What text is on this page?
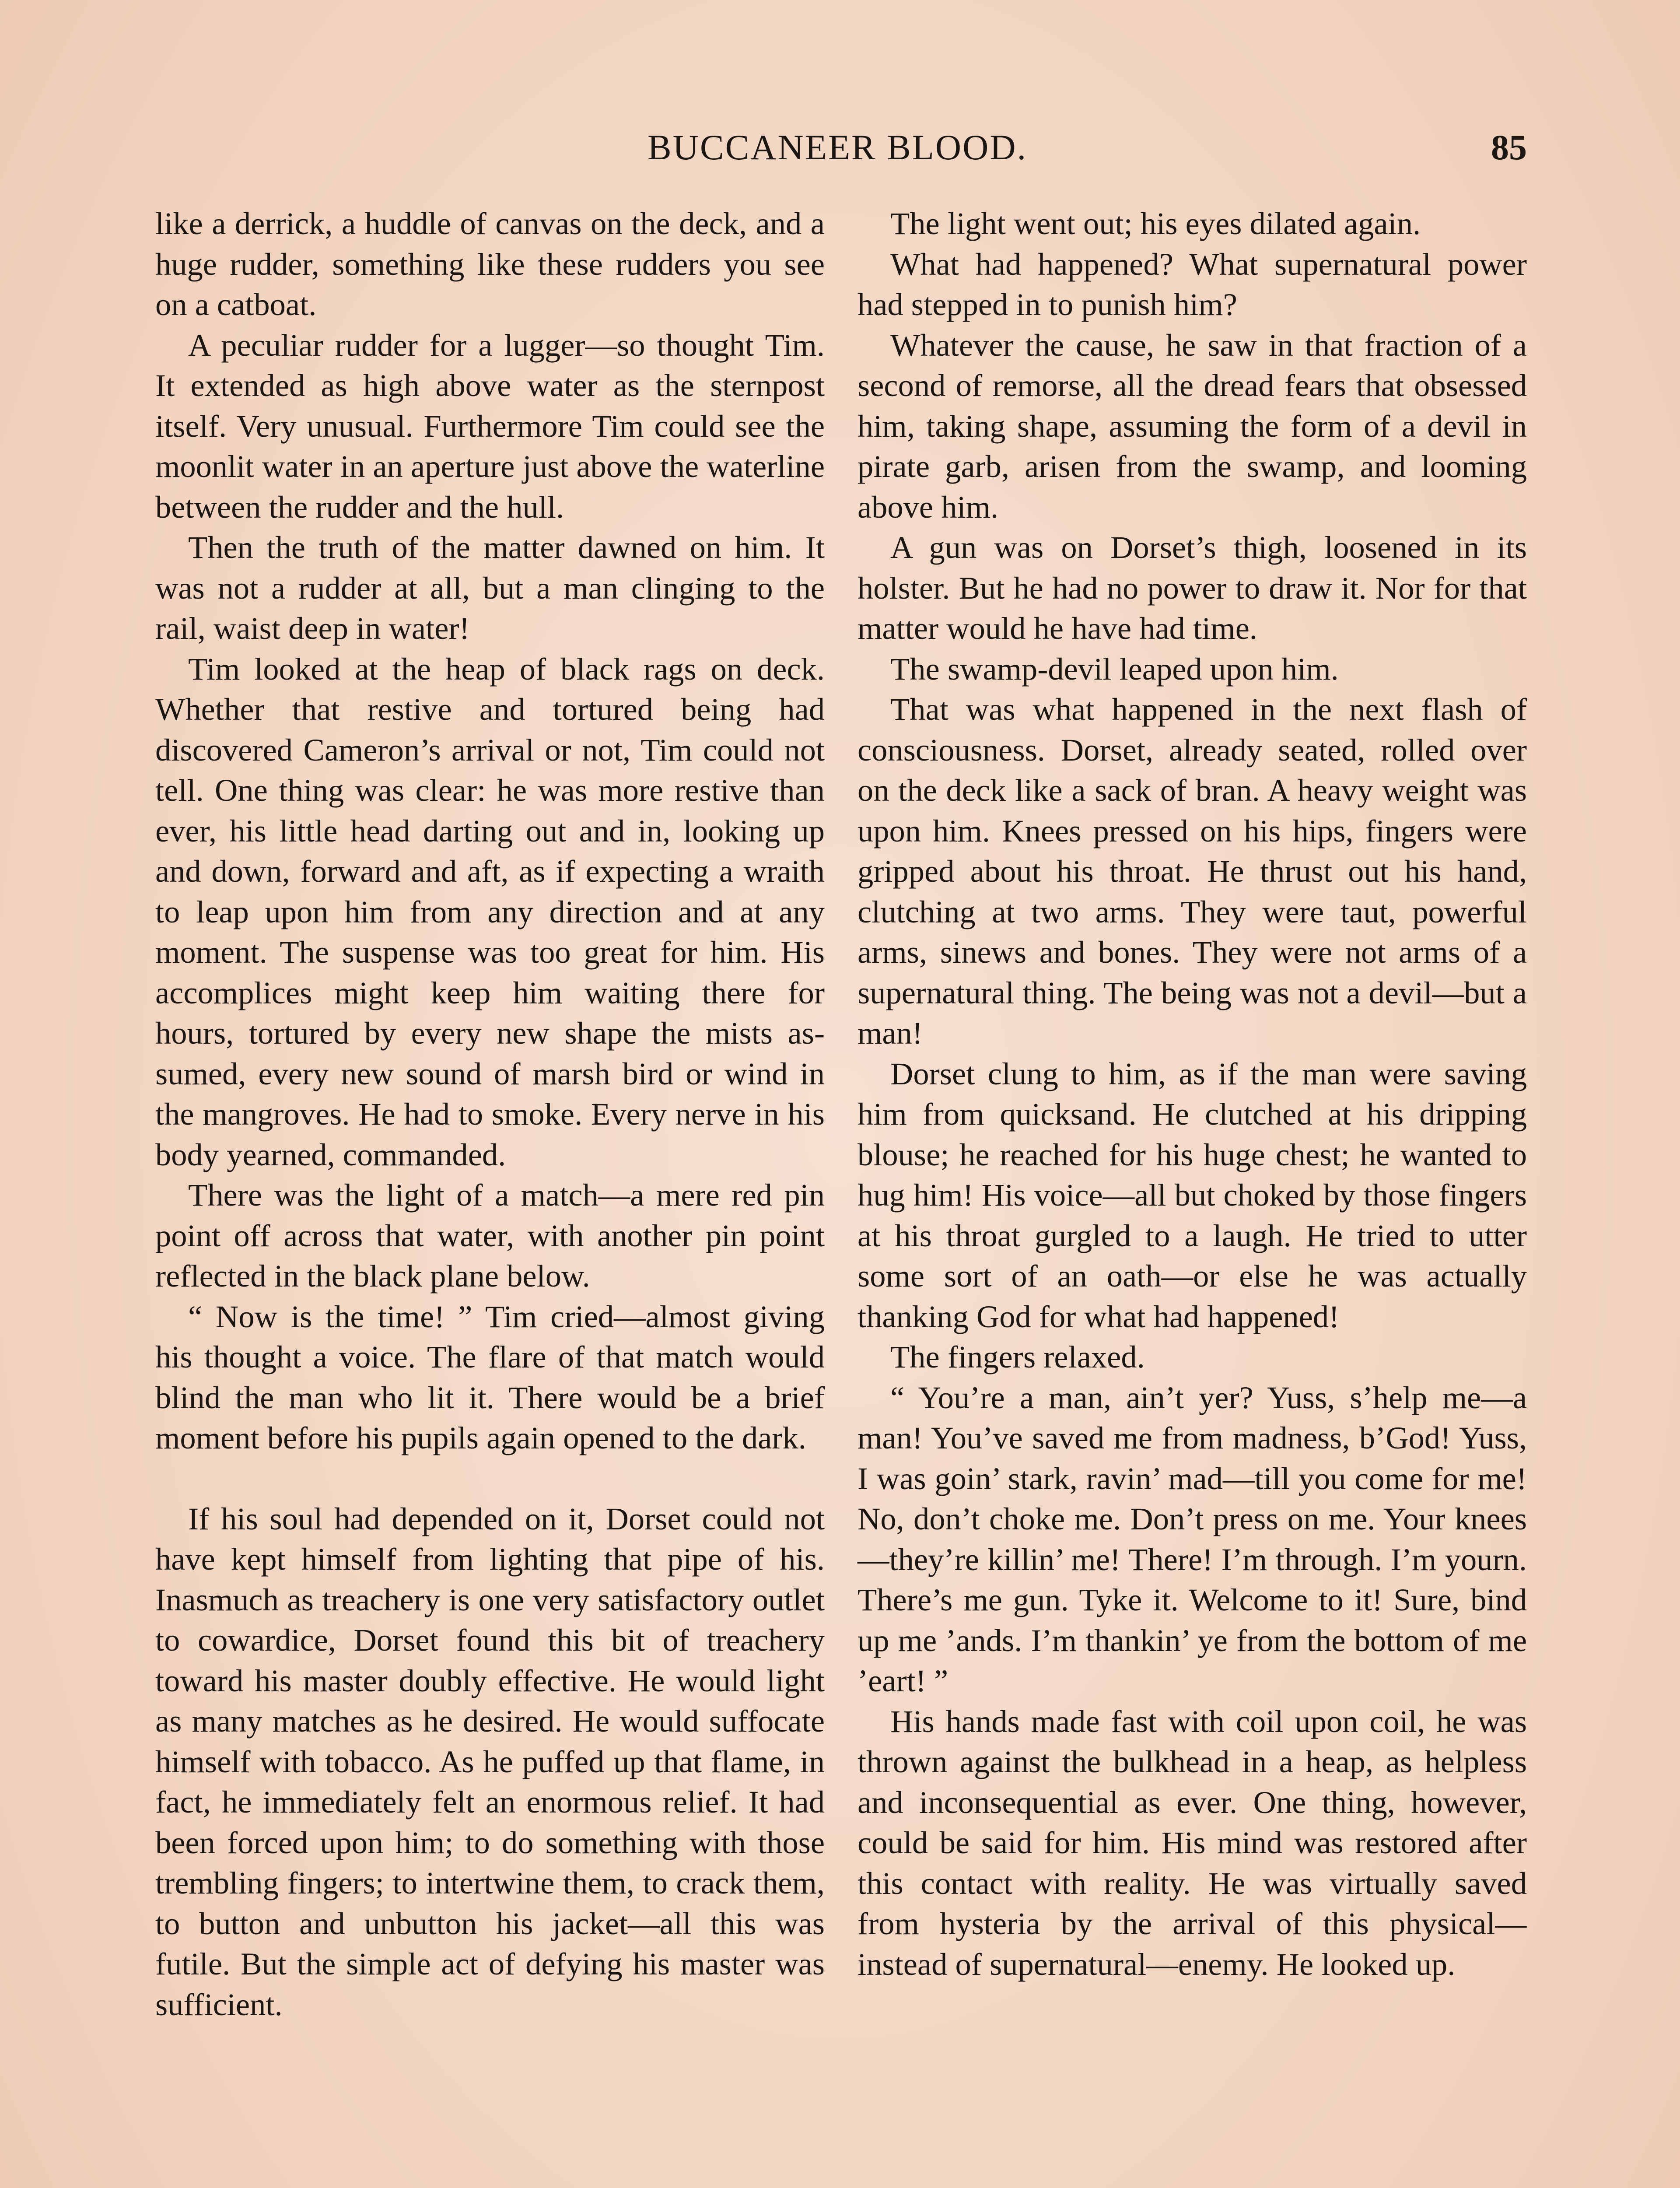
BUCCANEER BLOOD.	85

like a derrick, a huddle of canvas on the deck, and a huge rudder, something like these rudders you see on a catboat.

A peculiar rudder for a lugger—so thought Tim. It extended as high above water as the sternpost itself. Very unusual. Furthermore Tim could see the moonlit water in an aperture just above the waterline between the rudder and the hull.

Then the truth of the matter dawned on him. It was not a rudder at all, but a man clinging to the rail, waist deep in water!

Tim looked at the heap of black rags on deck. Whether that restive and tortured being had discovered Cameron’s arrival or not, Tim could not tell. One thing was clear: he was more restive than ever, his little head darting out and in, looking up and down, forward and aft, as if expecting a wraith to leap upon him from any direction and at any moment. The suspense was too great for him. His accomplices might keep him waiting there for hours, tortured by every new shape the mists assumed, every new sound of marsh bird or wind in the mangroves. He had to smoke. Every nerve in his body yearned, commanded.

There was the light of a match—a mere red pin point off across that water, with another pin point reflected in the black plane below.

“ Now is the time! ” Tim cried—almost giving his thought a voice. The flare of that match would blind the man who lit it. There would be a brief moment before his pupils again opened to the dark.

If his soul had depended on it, Dorset could not have kept himself from lighting that pipe of his. Inasmuch as treachery is one very satisfactory outlet to cowardice, Dorset found this bit of treachery toward his master doubly effective. He would light as many matches as he desired. He would suffocate himself with tobacco. As he puffed up that flame, in fact, he immediately felt an enormous relief. It had been forced upon him; to do something with those trembling fingers; to intertwine them, to crack them, to button and unbutton his jacket—all this was futile. But the simple act of defying his master was sufficient.

The light went out; his eyes dilated again.

What had happened? What supernatural power had stepped in to punish him?

Whatever the cause, he saw in that fraction of a second of remorse, all the dread fears that obsessed him, taking shape, assuming the form of a devil in pirate garb, arisen from the swamp, and looming above him.

A gun was on Dorset’s thigh, loosened in its holster. But he had no power to draw it. Nor for that matter would he have had time.

The swamp-devil leaped upon him.

That was what happened in the next flash of consciousness. Dorset, already seated, rolled over on the deck like a sack of bran. A heavy weight was upon him. Knees pressed on his hips, fingers were gripped about his throat. He thrust out his hand, clutching at two arms. They were taut, powerful arms, sinews and bones. They were not arms of a supernatural thing. The being was not a devil—but a man!

Dorset clung to him, as if the man were saving him from quicksand. He clutched at his dripping blouse; he reached for his huge chest; he wanted to hug him! His voice—all but choked by those fingers at his throat gurgled to a laugh. He tried to utter some sort of an oath—or else he was actually thanking God for what had happened!

The fingers relaxed.

“ You’re a man, ain’t yer? Yuss, s’help me—a man! You’ve saved me from madness, b’God! Yuss, I was goin’ stark, ravin’ mad—till you come for me! No, don’t choke me. Don’t press on me. Your knees —they’re killin’ me! There! I’m through. I’m yourn. There’s me gun. Tyke it. Welcome to it! Sure, bind up me ’ands. I’m thankin’ ye from the bottom of me ’eart! ”

His hands made fast with coil upon coil, he was thrown against the bulkhead in a heap, as helpless and inconsequential as ever. One thing, however, could be said for him. His mind was restored after this contact with reality. He was virtually saved from hysteria by the arrival of this physical—instead of supernatural—enemy. He looked up.
